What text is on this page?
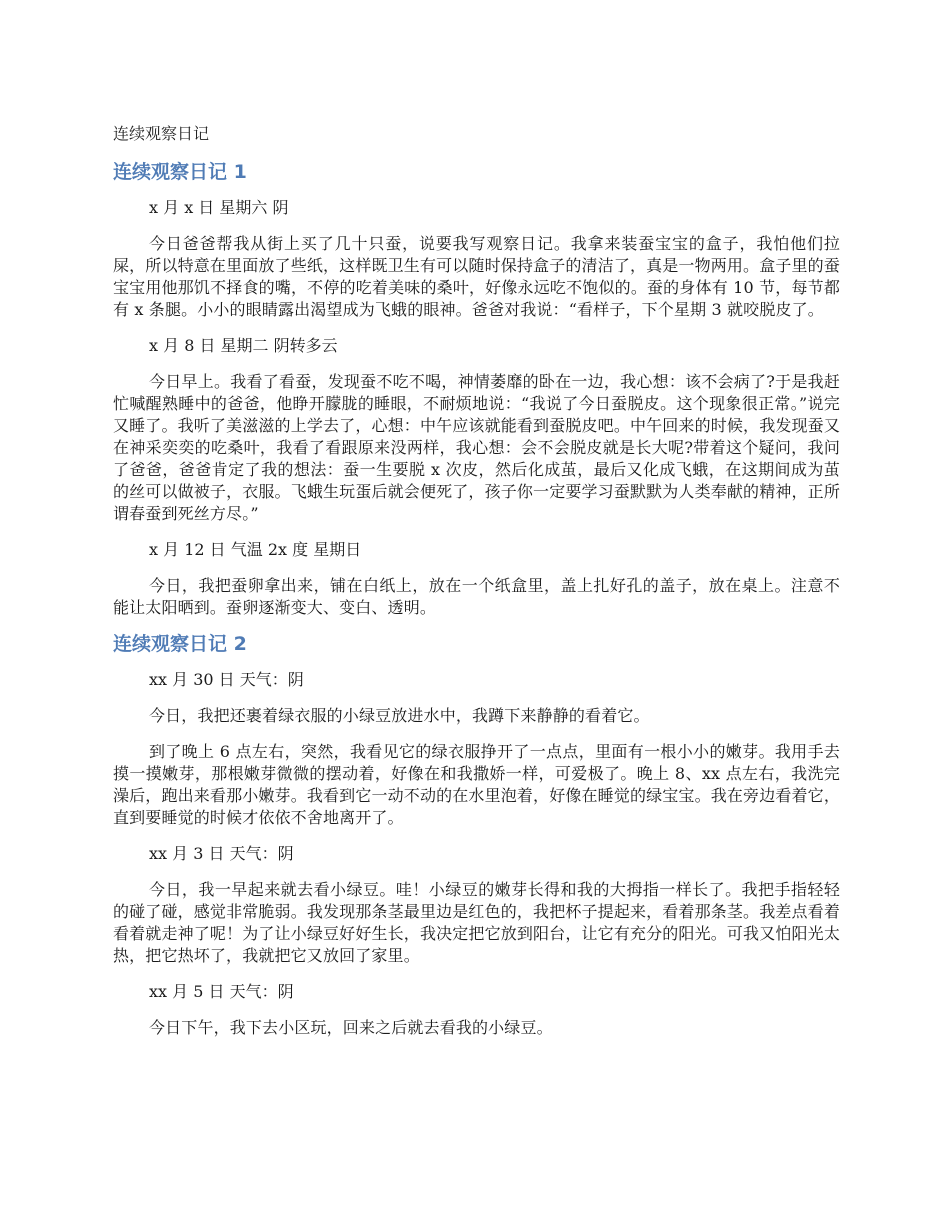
连续观察日记
连续观察日记 1
x 月 x 日 星期六 阴
今日爸爸帮我从街上买了几十只蚕，说要我写观察日记。我拿来装蚕宝宝的盒子，我怕他们拉屎，所以特意在里面放了些纸，这样既卫生有可以随时保持盒子的清洁了，真是一物两用。盒子里的蚕宝宝用他那饥不择食的嘴，不停的吃着美味的桑叶，好像永远吃不饱似的。蚕的身体有 10 节，每节都有 x 条腿。小小的眼睛露出渴望成为飞蛾的眼神。爸爸对我说：“看样子，下个星期 3 就咬脱皮了。
x 月 8 日 星期二 阴转多云
今日早上。我看了看蚕，发现蚕不吃不喝，神情萎靡的卧在一边，我心想：该不会病了?于是我赶忙喊醒熟睡中的爸爸，他睁开朦胧的睡眼，不耐烦地说：“我说了今日蚕脱皮。这个现象很正常。”说完又睡了。我听了美滋滋的上学去了，心想：中午应该就能看到蚕脱皮吧。中午回来的时候，我发现蚕又在神采奕奕的吃桑叶，我看了看跟原来没两样，我心想：会不会脱皮就是长大呢?带着这个疑问，我问了爸爸，爸爸肯定了我的想法：蚕一生要脱 x 次皮，然后化成茧，最后又化成飞蛾，在这期间成为茧的丝可以做被子，衣服。飞蛾生玩蛋后就会便死了，孩子你一定要学习蚕默默为人类奉献的精神，正所谓春蚕到死丝方尽。”
x 月 12 日 气温 2x 度 星期日
今日，我把蚕卵拿出来，铺在白纸上，放在一个纸盒里，盖上扎好孔的盖子，放在桌上。注意不能让太阳晒到。蚕卵逐渐变大、变白、透明。
连续观察日记 2
xx 月 30 日 天气：阴
今日，我把还裹着绿衣服的小绿豆放进水中，我蹲下来静静的看着它。
到了晚上 6 点左右，突然，我看见它的绿衣服挣开了一点点，里面有一根小小的嫩芽。我用手去摸一摸嫩芽，那根嫩芽微微的摆动着，好像在和我撒娇一样，可爱极了。晚上 8、xx 点左右，我洗完澡后，跑出来看那小嫩芽。我看到它一动不动的在水里泡着，好像在睡觉的绿宝宝。我在旁边看着它，直到要睡觉的时候才依依不舍地离开了。
xx 月 3 日 天气：阴
今日，我一早起来就去看小绿豆。哇！小绿豆的嫩芽长得和我的大拇指一样长了。我把手指轻轻的碰了碰，感觉非常脆弱。我发现那条茎最里边是红色的，我把杯子提起来，看着那条茎。我差点看着看着就走神了呢！为了让小绿豆好好生长，我决定把它放到阳台，让它有充分的阳光。可我又怕阳光太热，把它热坏了，我就把它又放回了家里。
xx 月 5 日 天气：阴
今日下午，我下去小区玩，回来之后就去看我的小绿豆。
